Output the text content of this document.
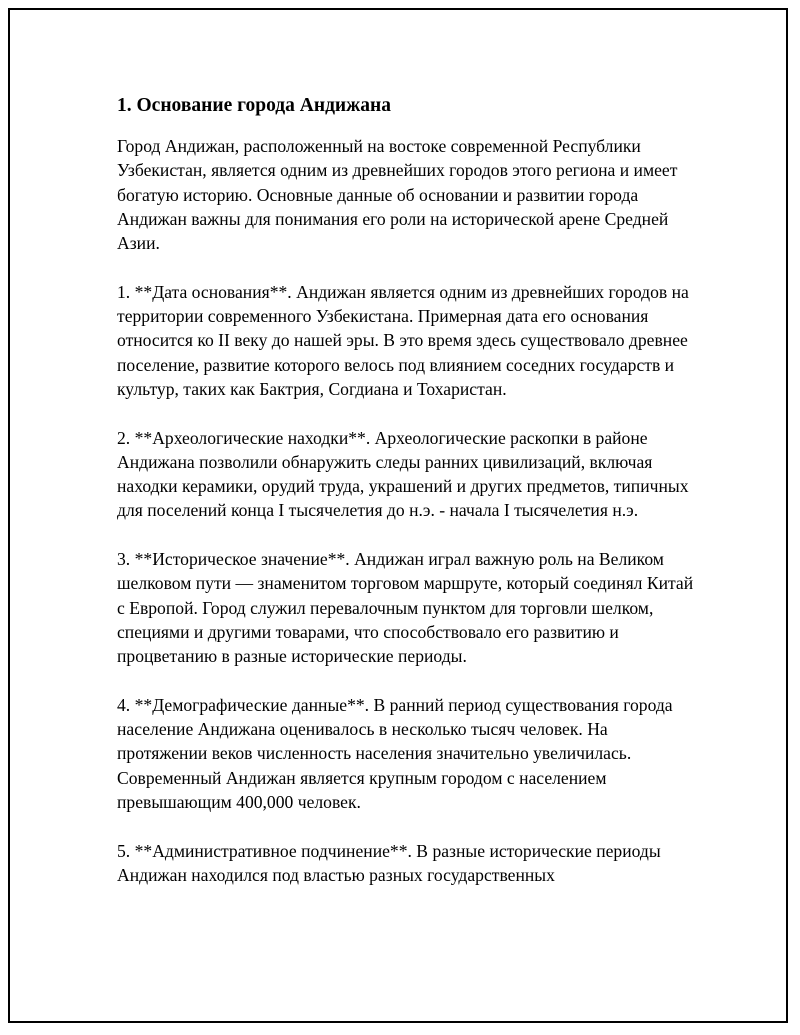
1. Основание города Андижана
Город Андижан, расположенный на востоке современной Республики Узбекистан, является одним из древнейших городов этого региона и имеет богатую историю. Основные данные об основании и развитии города Андижан важны для понимания его роли на исторической арене Средней Азии.
1. **Дата основания**. Андижан является одним из древнейших городов на территории современного Узбекистана. Примерная дата его основания относится ко II веку до нашей эры. В это время здесь существовало древнее поселение, развитие которого велось под влиянием соседних государств и культур, таких как Бактрия, Согдиана и Тохаристан.
2. **Археологические находки**. Археологические раскопки в районе Андижана позволили обнаружить следы ранних цивилизаций, включая находки керамики, орудий труда, украшений и других предметов, типичных для поселений конца I тысячелетия до н.э. - начала I тысячелетия н.э.
3. **Историческое значение**. Андижан играл важную роль на Великом шелковом пути — знаменитом торговом маршруте, который соединял Китай с Европой. Город служил перевалочным пунктом для торговли шелком, специями и другими товарами, что способствовало его развитию и процветанию в разные исторические периоды.
4. **Демографические данные**. В ранний период существования города население Андижана оценивалось в несколько тысяч человек. На протяжении веков численность населения значительно увеличилась. Современный Андижан является крупным городом с населением превышающим 400,000 человек.
5. **Административное подчинение**. В разные исторические периоды Андижан находился под властью разных государственных
